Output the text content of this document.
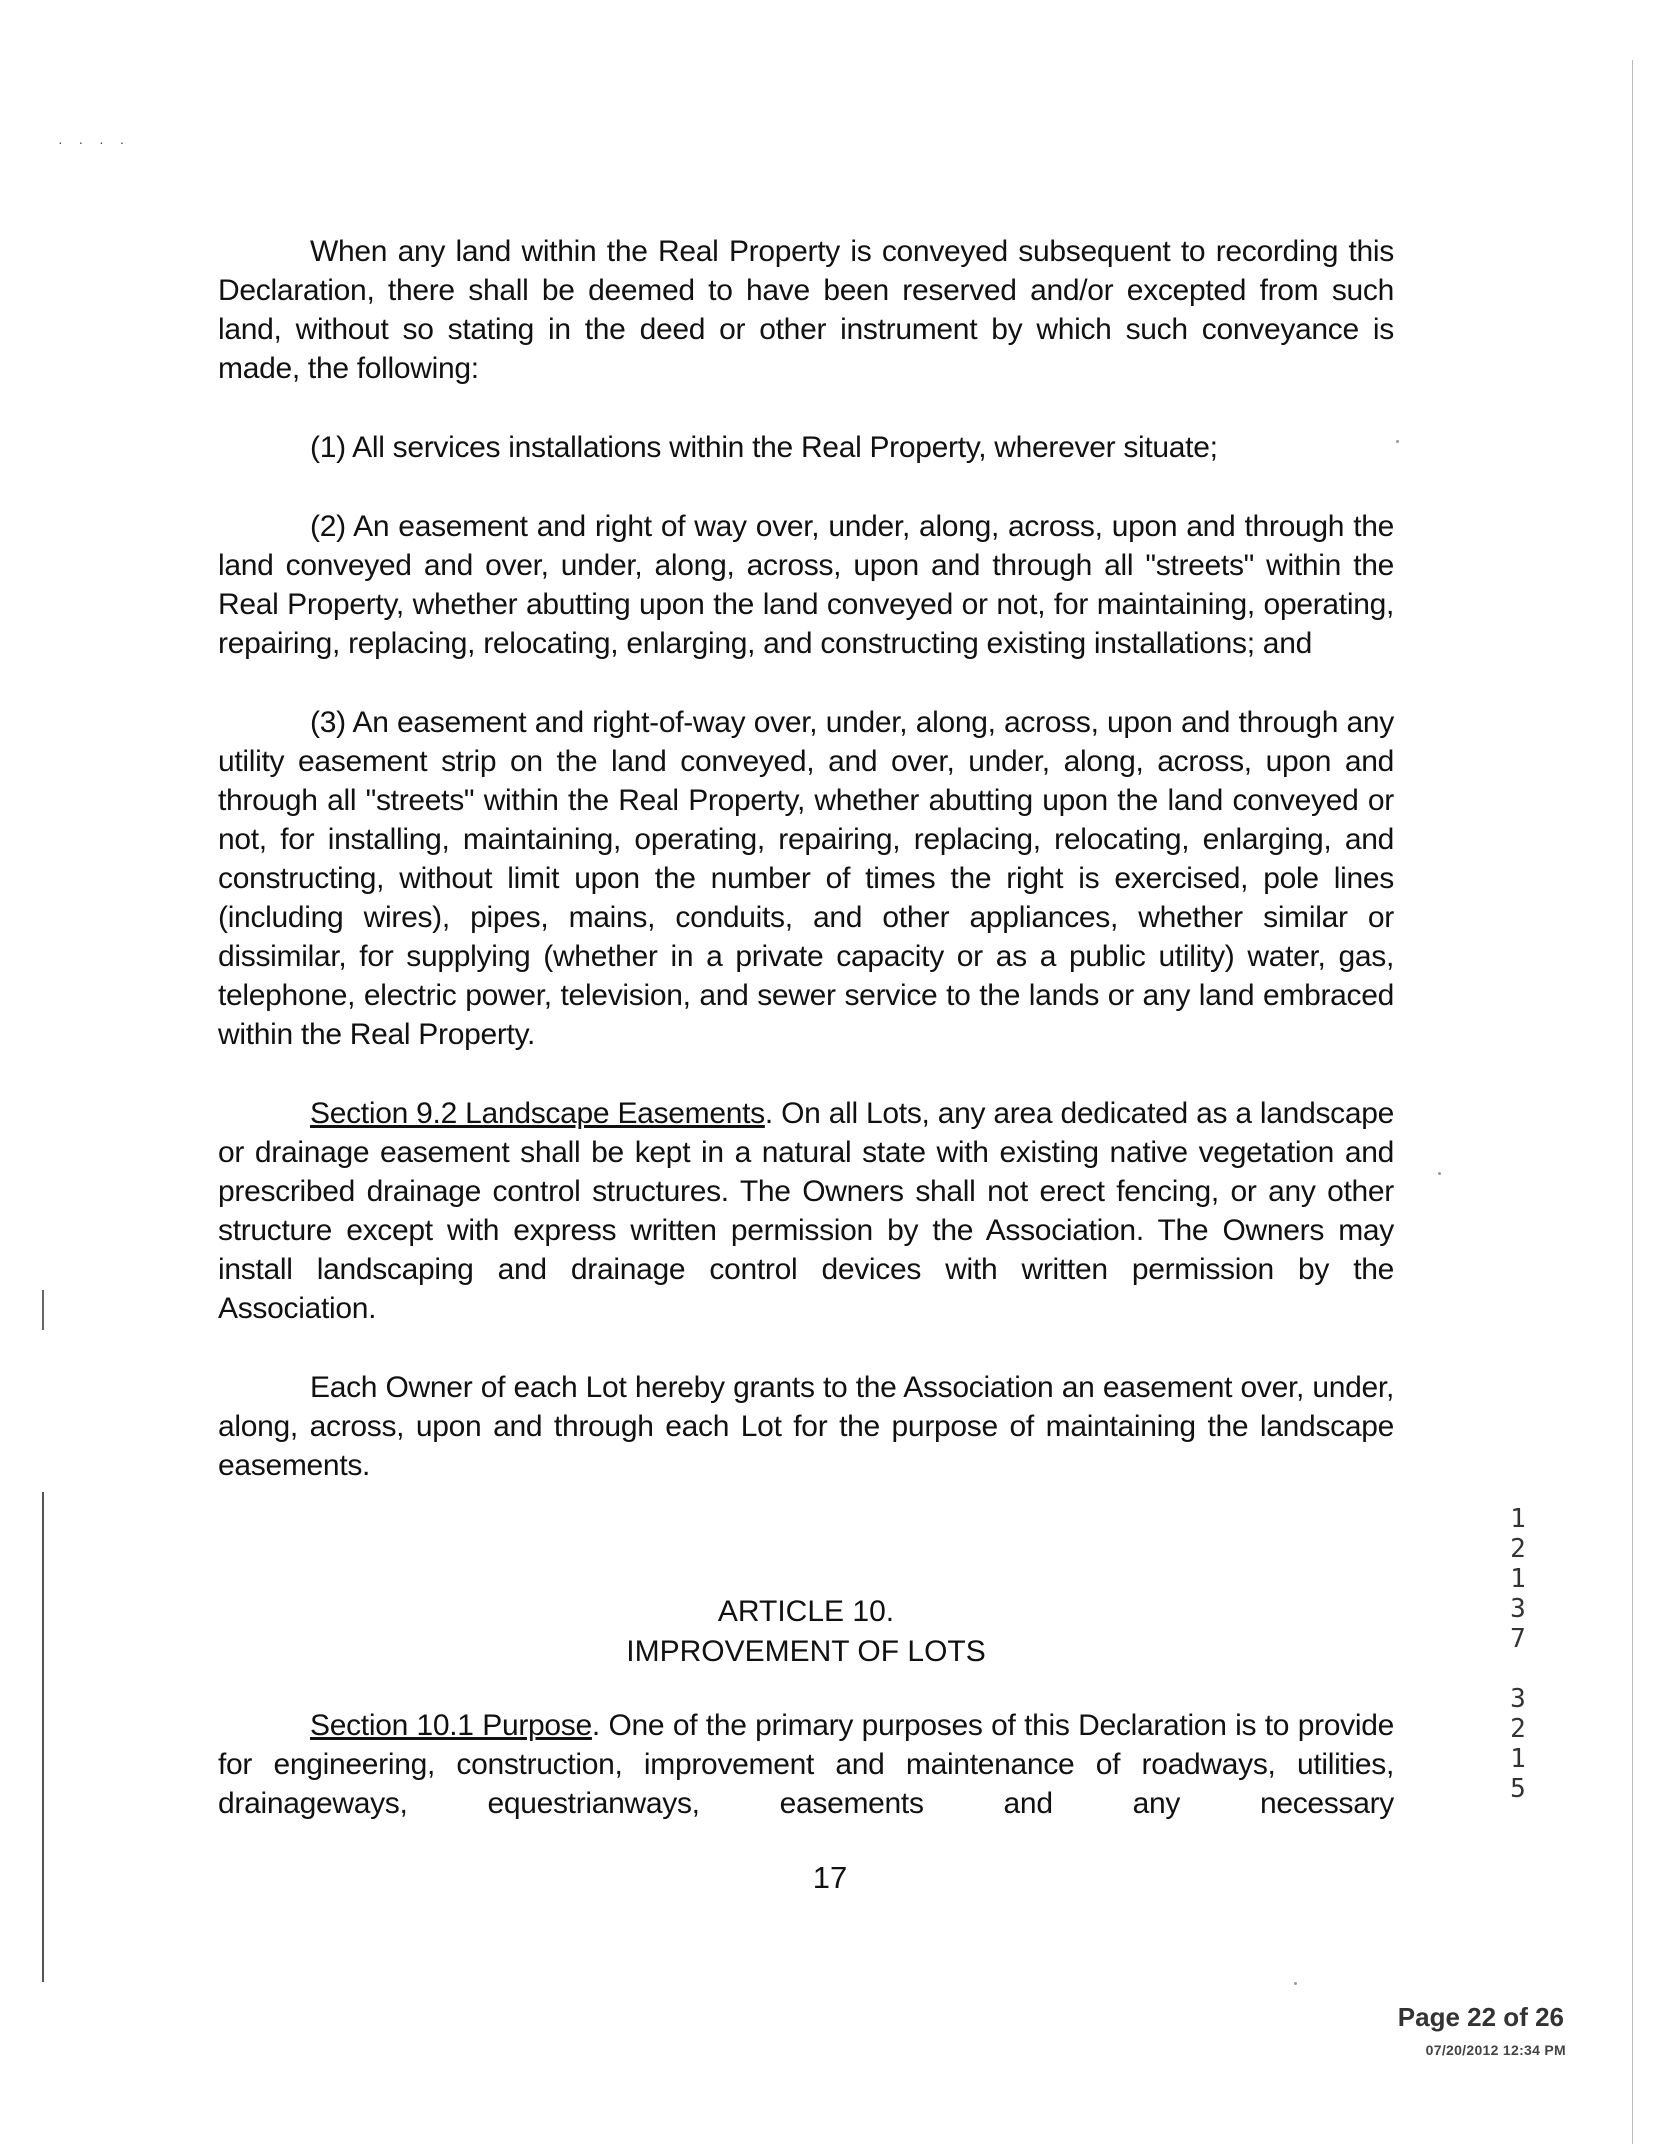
· · · ·

When any land within the Real Property is conveyed subsequent to recording this Declaration, there shall be deemed to have been reserved and/or excepted from such land, without so stating in the deed or other instrument by which such conveyance is made, the following:

(1) All services installations within the Real Property, wherever situate;

(2) An easement and right of way over, under, along, across, upon and through the land conveyed and over, under, along, across, upon and through all "streets" within the Real Property, whether abutting upon the land conveyed or not, for maintaining, operating, repairing, replacing, relocating, enlarging, and constructing existing installations; and

(3) An easement and right-of-way over, under, along, across, upon and through any utility easement strip on the land conveyed, and over, under, along, across, upon and through all "streets" within the Real Property, whether abutting upon the land conveyed or not, for installing, maintaining, operating, repairing, replacing, relocating, enlarging, and constructing, without limit upon the number of times the right is exercised, pole lines (including wires), pipes, mains, conduits, and other appliances, whether similar or dissimilar, for supplying (whether in a private capacity or as a public utility) water, gas, telephone, electric power, television, and sewer service to the lands or any land embraced within the Real Property.

Section 9.2 Landscape Easements. On all Lots, any area dedicated as a landscape or drainage easement shall be kept in a natural state with existing native vegetation and prescribed drainage control structures. The Owners shall not erect fencing, or any other structure except with express written permission by the Association. The Owners may install landscaping and drainage control devices with written permission by the Association.

Each Owner of each Lot hereby grants to the Association an easement over, under, along, across, upon and through each Lot for the purpose of maintaining the landscape easements.

ARTICLE 10.
IMPROVEMENT OF LOTS
Section 10.1 Purpose. One of the primary purposes of this Declaration is to provide for engineering, construction, improvement and maintenance of roadways, utilities, drainageways, equestrianways, easements and any necessary
17
1
2
1
3
7
3
2
1
5
Page 22 of 26
07/20/2012 12:34 PM
